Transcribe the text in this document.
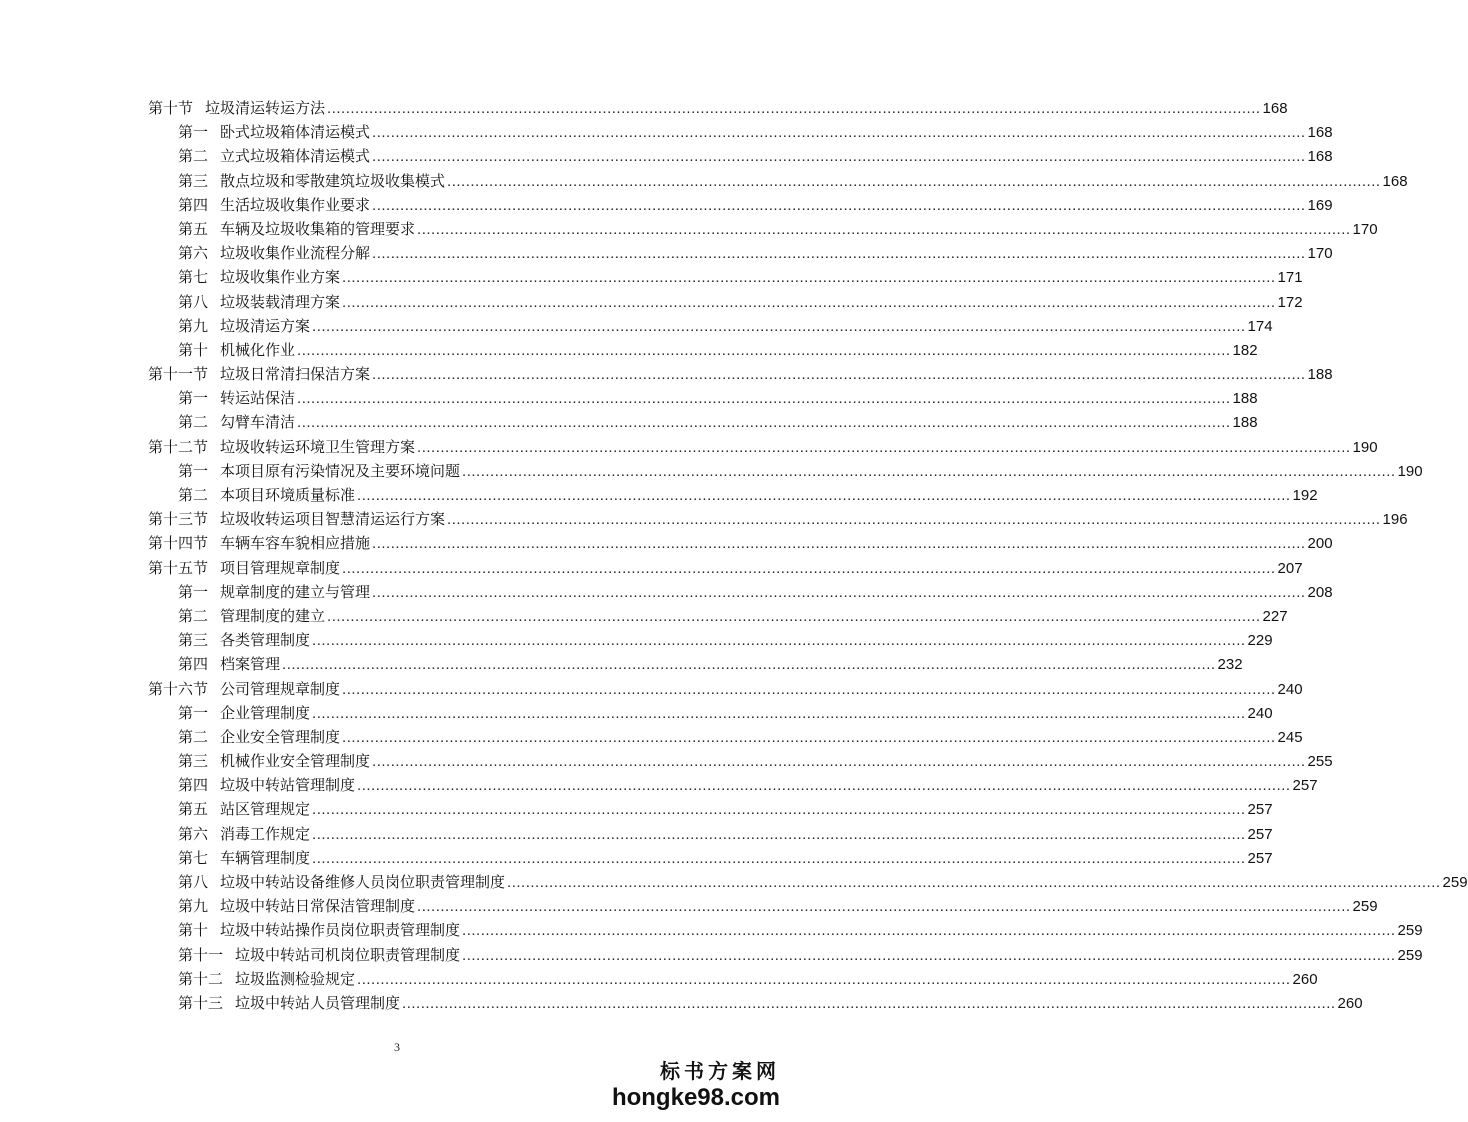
第十节 垃圾清运转运方法 ........................................................................................................................................................................................................ 168
第一 卧式垃圾箱体清运模式 ........................................................................................................................................................................................................ 168
第二 立式垃圾箱体清运模式 ........................................................................................................................................................................................................ 168
第三 散点垃圾和零散建筑垃圾收集模式 ........................................................................................................................................................................................................ 168
第四 生活垃圾收集作业要求 ........................................................................................................................................................................................................ 169
第五 车辆及垃圾收集箱的管理要求 ........................................................................................................................................................................................................ 170
第六 垃圾收集作业流程分解 ........................................................................................................................................................................................................ 170
第七 垃圾收集作业方案 ........................................................................................................................................................................................................ 171
第八 垃圾装载清理方案 ........................................................................................................................................................................................................ 172
第九 垃圾清运方案 ........................................................................................................................................................................................................ 174
第十 机械化作业 ........................................................................................................................................................................................................ 182
第十一节 垃圾日常清扫保洁方案 ........................................................................................................................................................................................................ 188
第一 转运站保洁 ........................................................................................................................................................................................................ 188
第二 勾臂车清洁 ........................................................................................................................................................................................................ 188
第十二节 垃圾收转运环境卫生管理方案 ........................................................................................................................................................................................................ 190
第一 本项目原有污染情况及主要环境问题 ........................................................................................................................................................................................................ 190
第二 本项目环境质量标准 ........................................................................................................................................................................................................ 192
第十三节 垃圾收转运项目智慧清运运行方案 ........................................................................................................................................................................................................ 196
第十四节 车辆车容车貌相应措施 ........................................................................................................................................................................................................ 200
第十五节 项目管理规章制度 ........................................................................................................................................................................................................ 207
第一 规章制度的建立与管理 ........................................................................................................................................................................................................ 208
第二 管理制度的建立 ........................................................................................................................................................................................................ 227
第三 各类管理制度 ........................................................................................................................................................................................................ 229
第四 档案管理 ........................................................................................................................................................................................................ 232
第十六节 公司管理规章制度 ........................................................................................................................................................................................................ 240
第一 企业管理制度 ........................................................................................................................................................................................................ 240
第二 企业安全管理制度 ........................................................................................................................................................................................................ 245
第三 机械作业安全管理制度 ........................................................................................................................................................................................................ 255
第四 垃圾中转站管理制度 ........................................................................................................................................................................................................ 257
第五 站区管理规定 ........................................................................................................................................................................................................ 257
第六 消毒工作规定 ........................................................................................................................................................................................................ 257
第七 车辆管理制度 ........................................................................................................................................................................................................ 257
第八 垃圾中转站设备维修人员岗位职责管理制度 ........................................................................................................................................................................................................ 259
第九 垃圾中转站日常保洁管理制度 ........................................................................................................................................................................................................ 259
第十 垃圾中转站操作员岗位职责管理制度 ........................................................................................................................................................................................................ 259
第十一 垃圾中转站司机岗位职责管理制度 ........................................................................................................................................................................................................ 259
第十二 垃圾监测检验规定 ........................................................................................................................................................................................................ 260
第十三 垃圾中转站人员管理制度 ........................................................................................................................................................................................................ 260
3
标书方案网
hongke98.com
